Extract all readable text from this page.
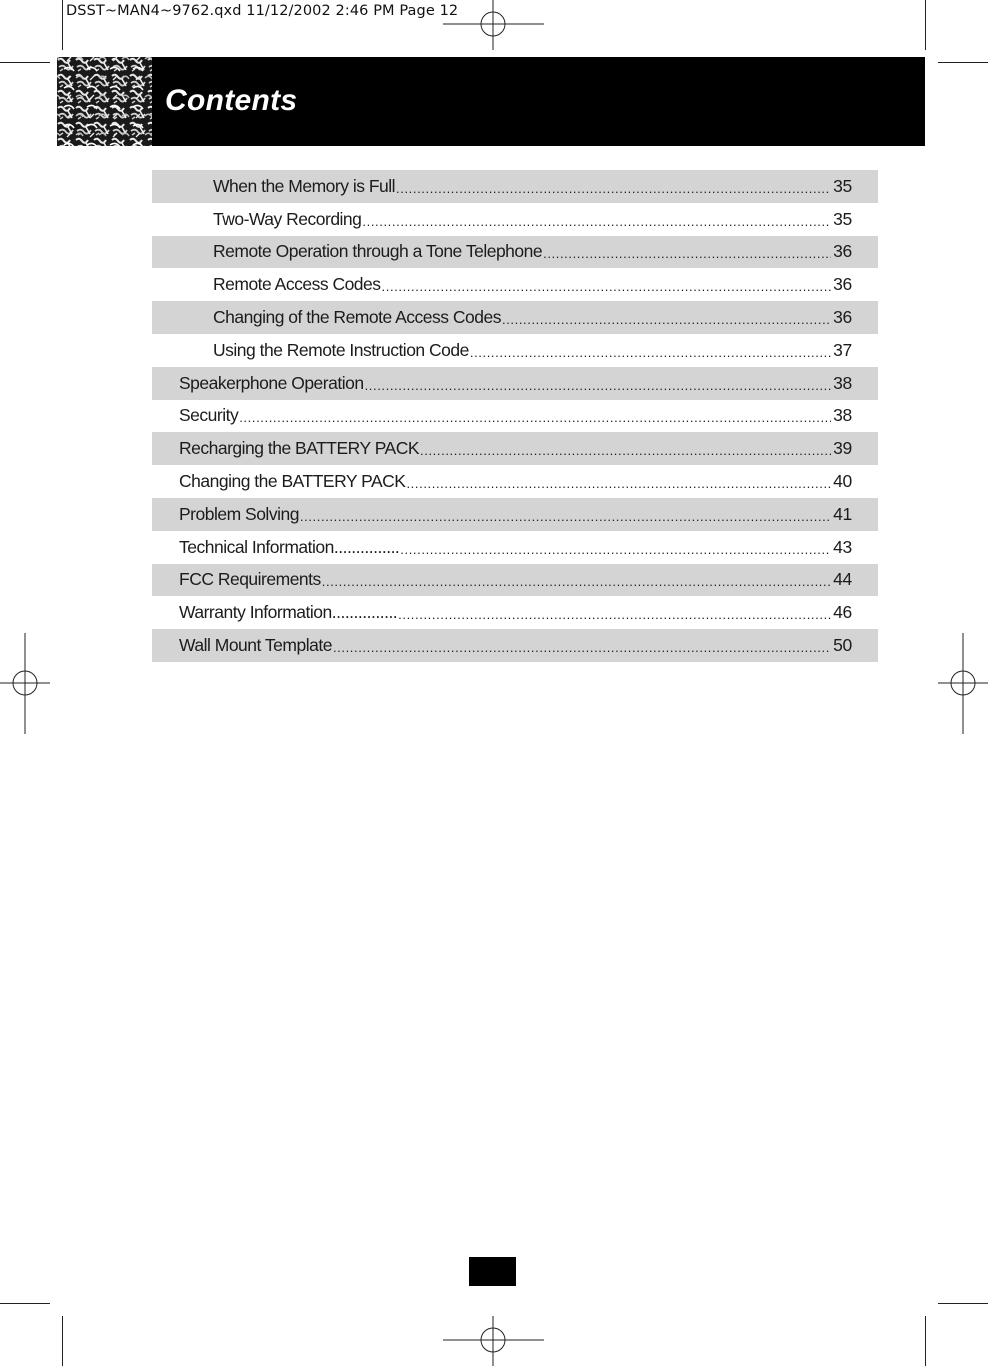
DSST~MAN4~9762.qxd 11/12/2002 2:46 PM Page 12
Contents
When the Memory is Full .....	35
Two-Way Recording .....	35
Remote Operation through a Tone Telephone .....	36
Remote Access Codes .....	36
Changing of the Remote Access Codes .....	36
Using the Remote Instruction Code .....	37
Speakerphone Operation .....	38
Security .....	38
Recharging the BATTERY PACK .....	39
Changing the BATTERY PACK .....	40
Problem Solving .....	41
Technical Information............... .....	43
FCC Requirements .....	44
Warranty Information............... .....	46
Wall Mount Template .....	50
